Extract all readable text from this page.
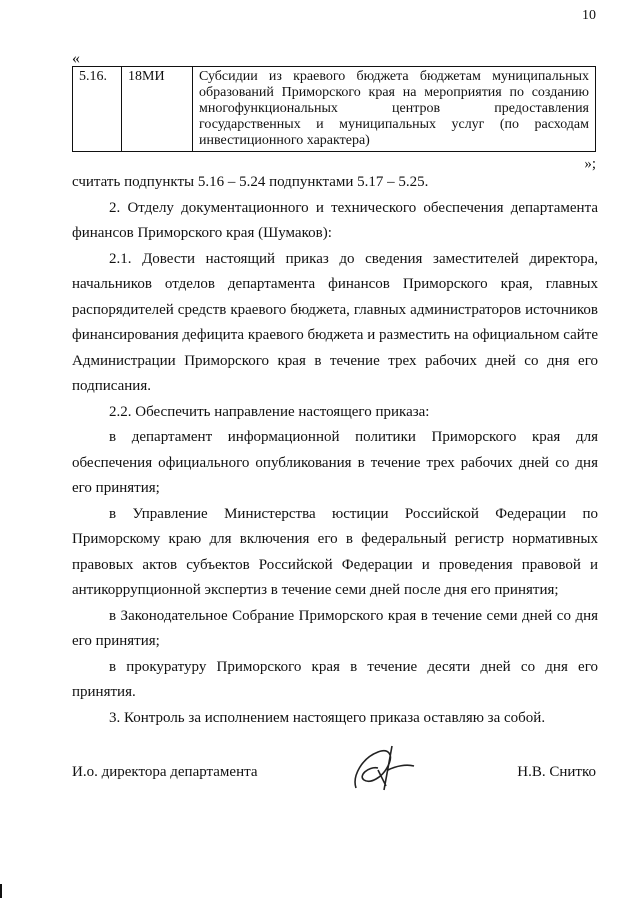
10
«
5.16.	18МИ	Субсидии из краевого бюджета бюджетам муниципальных образований Приморского края на мероприятия по созданию многофункциональных центров предоставления государственных и муниципальных услуг (по расходам инвестиционного характера)
»;

считать подпункты 5.16 – 5.24 подпунктами 5.17 – 5.25.

2. Отделу документационного и технического обеспечения департамента финансов Приморского края (Шумаков):

2.1. Довести настоящий приказ до сведения заместителей директора, начальников отделов департамента финансов Приморского края, главных распорядителей средств краевого бюджета, главных администраторов источников финансирования дефицита краевого бюджета и разместить на официальном сайте Администрации Приморского края в течение трех рабочих дней со дня его подписания.

2.2. Обеспечить направление настоящего приказа:

в департамент информационной политики Приморского края для обеспечения официального опубликования в течение трех рабочих дней со дня его принятия;

в Управление Министерства юстиции Российской Федерации по Приморскому краю для включения его в федеральный регистр нормативных правовых актов субъектов Российской Федерации и проведения правовой и антикоррупционной экспертиз в течение семи дней после дня его принятия;

в Законодательное Собрание Приморского края в течение семи дней со дня его принятия;

в прокуратуру Приморского края в течение десяти дней со дня его принятия.

3. Контроль за исполнением настоящего приказа оставляю за собой.

И.о. директора департамента	Н.В. Снитко
